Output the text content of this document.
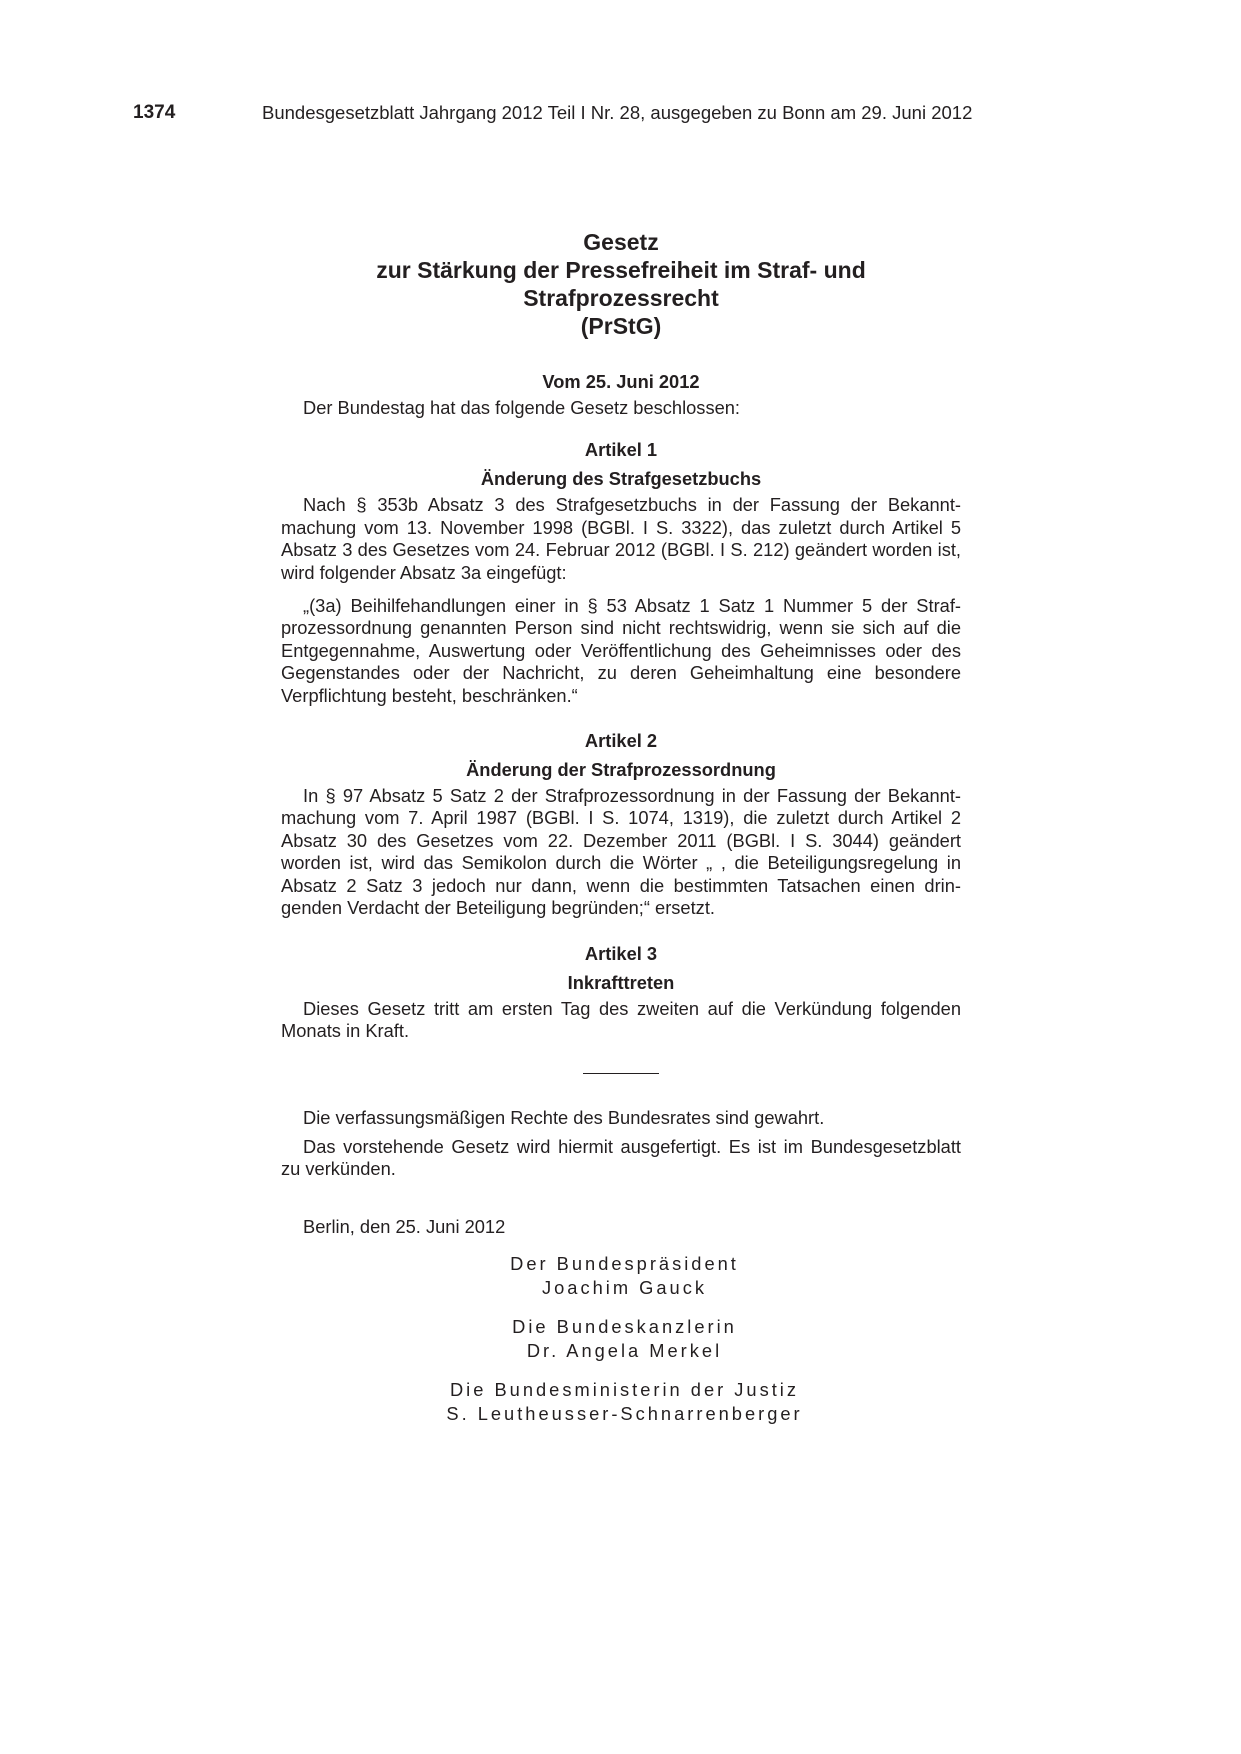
1374	Bundesgesetzblatt Jahrgang 2012 Teil I Nr. 28, ausgegeben zu Bonn am 29. Juni 2012
Gesetz
zur Stärkung der Pressefreiheit im Straf- und Strafprozessrecht
(PrStG)
Vom 25. Juni 2012

Der Bundestag hat das folgende Gesetz beschlossen:

Artikel 1
Änderung des Strafgesetzbuchs

Nach § 353b Absatz 3 des Strafgesetzbuchs in der Fassung der Bekanntmachung vom 13. November 1998 (BGBl. I S. 3322), das zuletzt durch Artikel 5 Absatz 3 des Gesetzes vom 24. Februar 2012 (BGBl. I S. 212) geändert worden ist, wird folgender Absatz 3a eingefügt:

„(3a) Beihilfehandlungen einer in § 53 Absatz 1 Satz 1 Nummer 5 der Strafprozessordnung genannten Person sind nicht rechtswidrig, wenn sie sich auf die Entgegennahme, Auswertung oder Veröffentlichung des Geheimnisses oder des Gegenstandes oder der Nachricht, zu deren Geheimhaltung eine besondere Verpflichtung besteht, beschränken.“

Artikel 2
Änderung der Strafprozessordnung

In § 97 Absatz 5 Satz 2 der Strafprozessordnung in der Fassung der Bekanntmachung vom 7. April 1987 (BGBl. I S. 1074, 1319), die zuletzt durch Artikel 2 Absatz 30 des Gesetzes vom 22. Dezember 2011 (BGBl. I S. 3044) geändert worden ist, wird das Semikolon durch die Wörter „ , die Beteiligungsregelung in Absatz 2 Satz 3 jedoch nur dann, wenn die bestimmten Tatsachen einen dringenden Verdacht der Beteiligung begründen;“ ersetzt.

Artikel 3
Inkrafttreten

Dieses Gesetz tritt am ersten Tag des zweiten auf die Verkündung folgenden Monats in Kraft.

Die verfassungsmäßigen Rechte des Bundesrates sind gewahrt.

Das vorstehende Gesetz wird hiermit ausgefertigt. Es ist im Bundesgesetzblatt zu verkünden.

Berlin, den 25. Juni 2012

Der Bundespräsident
Joachim Gauck
Die Bundeskanzlerin
Dr. Angela Merkel
Die Bundesministerin der Justiz
S. Leutheusser-Schnarrenberger
